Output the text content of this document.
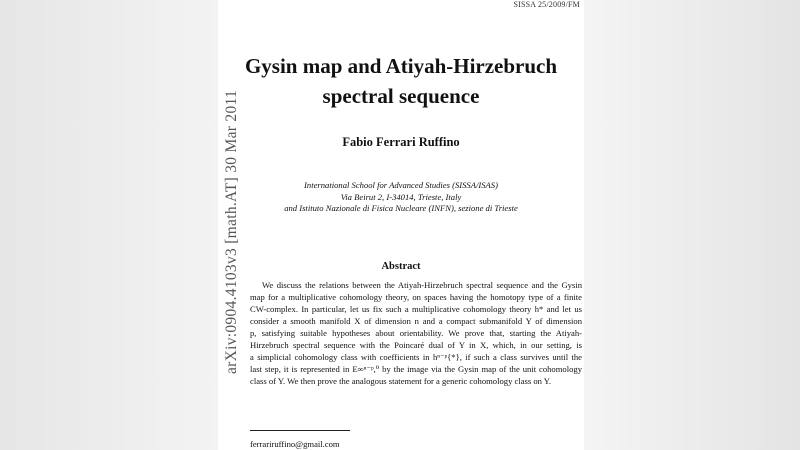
SISSA 25/2009/FM
Gysin map and Atiyah-Hirzebruch
spectral sequence
Fabio Ferrari Ruffino
International School for Advanced Studies (SISSA/ISAS)
Via Beirut 2, I-34014, Trieste, Italy
and Istituto Nazionale di Fisica Nucleare (INFN), sezione di Trieste
Abstract
We discuss the relations between the Atiyah-Hirzebruch spectral sequence and the Gysin
map for a multiplicative cohomology theory, on spaces having the homotopy type of a finite
CW-complex. In particular, let us fix such a multiplicative cohomology theory h* and let us
consider a smooth manifold X of dimension n and a compact submanifold Y of dimension
p, satisfying suitable hypotheses about orientability. We prove that, starting the Atiyah-
Hirzebruch spectral sequence with the Poincaré dual of Y in X, which, in our setting, is
a simplicial cohomology class with coefficients in hⁿ⁻ᵖ{*}, if such a class survives until the
last step, it is represented in E∞ⁿ⁻ᵖ,⁰ by the image via the Gysin map of the unit cohomology
class of Y. We then prove the analogous statement for a generic cohomology class on Y.
ferrariruffino@gmail.com
arXiv:0904.4103v3 [math.AT] 30 Mar 2011
